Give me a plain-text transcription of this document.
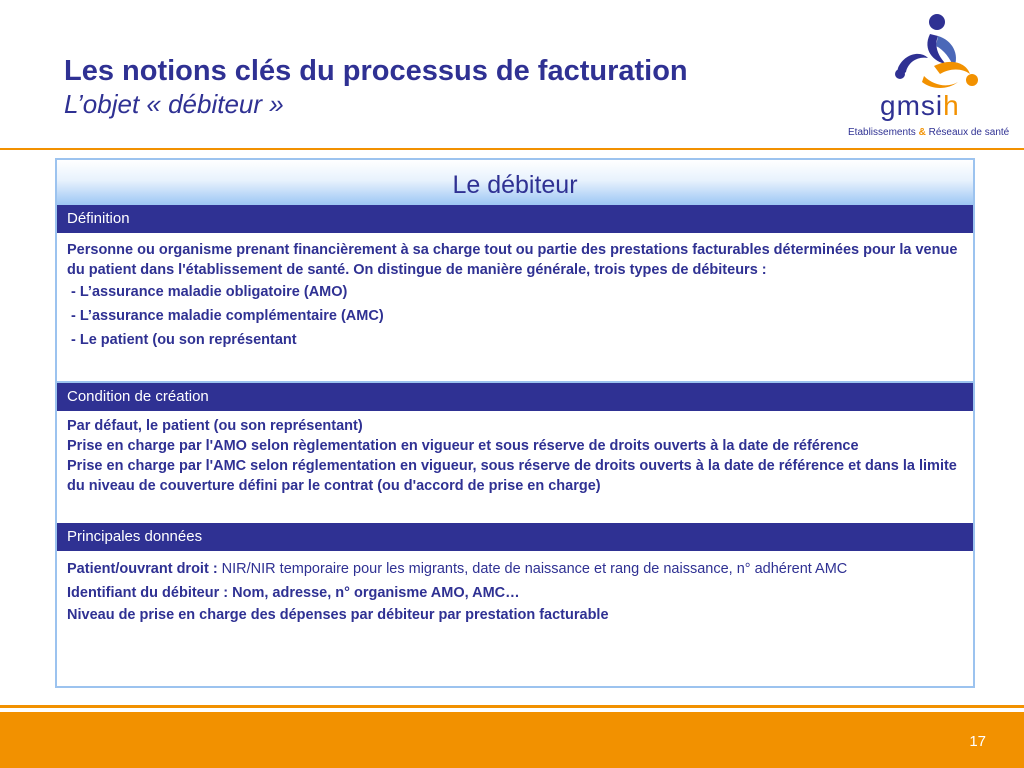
Les notions clés du processus de facturation
L’objet « débiteur »	gmsih
Etablissements & Réseaux de santé
Le débiteur
Définition
Personne ou organisme prenant financièrement à sa charge tout ou partie des prestations facturables déterminées pour la venue du patient dans l'établissement de santé. On distingue de manière générale, trois types de débiteurs :
- L’assurance maladie obligatoire (AMO)
- L’assurance maladie complémentaire (AMC)
- Le patient (ou son représentant
Condition de création
Par défaut, le patient (ou son représentant)
Prise en charge par l'AMO selon règlementation en vigueur et sous réserve de droits ouverts à la date de référence
Prise en charge par l'AMC selon réglementation en vigueur, sous réserve de droits ouverts à la date de référence et dans la limite du niveau de couverture défini par le contrat (ou d'accord de prise en charge)
Principales données
Patient/ouvrant droit : NIR/NIR temporaire pour les migrants, date de naissance et rang de naissance, n° adhérent AMC
Identifiant du débiteur : Nom, adresse, n° organisme AMO, AMC…
Niveau de prise en charge des dépenses par débiteur par prestation facturable
17
